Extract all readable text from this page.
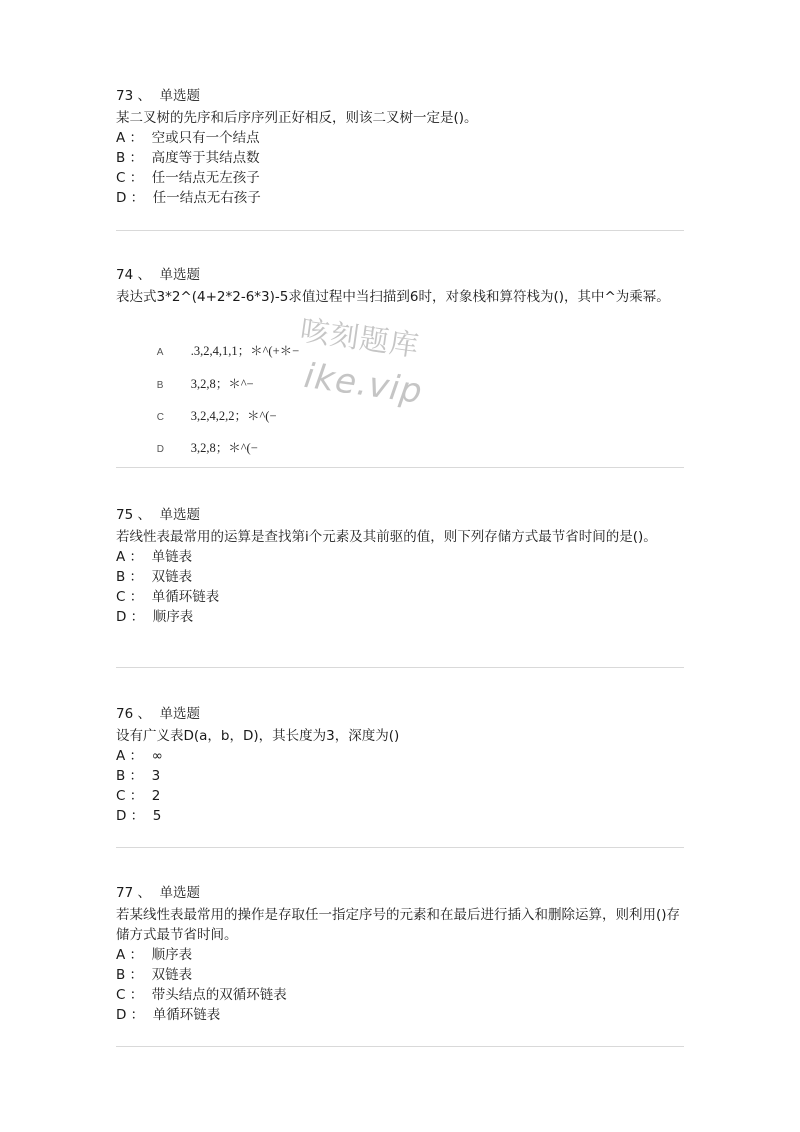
73 、  单选题
某二叉树的先序和后序序列正好相反，则该二叉树一定是()。
A ：  空或只有一个结点
B ：  高度等于其结点数
C ：  任一结点无左孩子
D ：  任一结点无右孩子
74 、  单选题
表达式3*2^(4+2*2-6*3)-5求值过程中当扫描到6时，对象栈和算符栈为()，其中^为乘幂。

A .3,2,4,1,1；＊^(+＊−

B 3,2,8；＊^−

C 3,2,4,2,2；＊^(−

D 3,2,8；＊^(−

75 、  单选题
若线性表最常用的运算是查找第i个元素及其前驱的值，则下列存储方式最节省时间的是()。
A ：  单链表
B ：  双链表
C ：  单循环链表
D ：  顺序表
76 、  单选题
设有广义表D(a，b，D)，其长度为3，深度为()
A ：  ∞
B ：  3
C ：  2
D ：  5
77 、  单选题
若某线性表最常用的操作是存取任一指定序号的元素和在最后进行插入和删除运算，则利用()存储方式最节省时间。
A ：  顺序表
B ：  双链表
C ：  带头结点的双循环链表
D ：  单循环链表
咳刻题库
ike.vip
